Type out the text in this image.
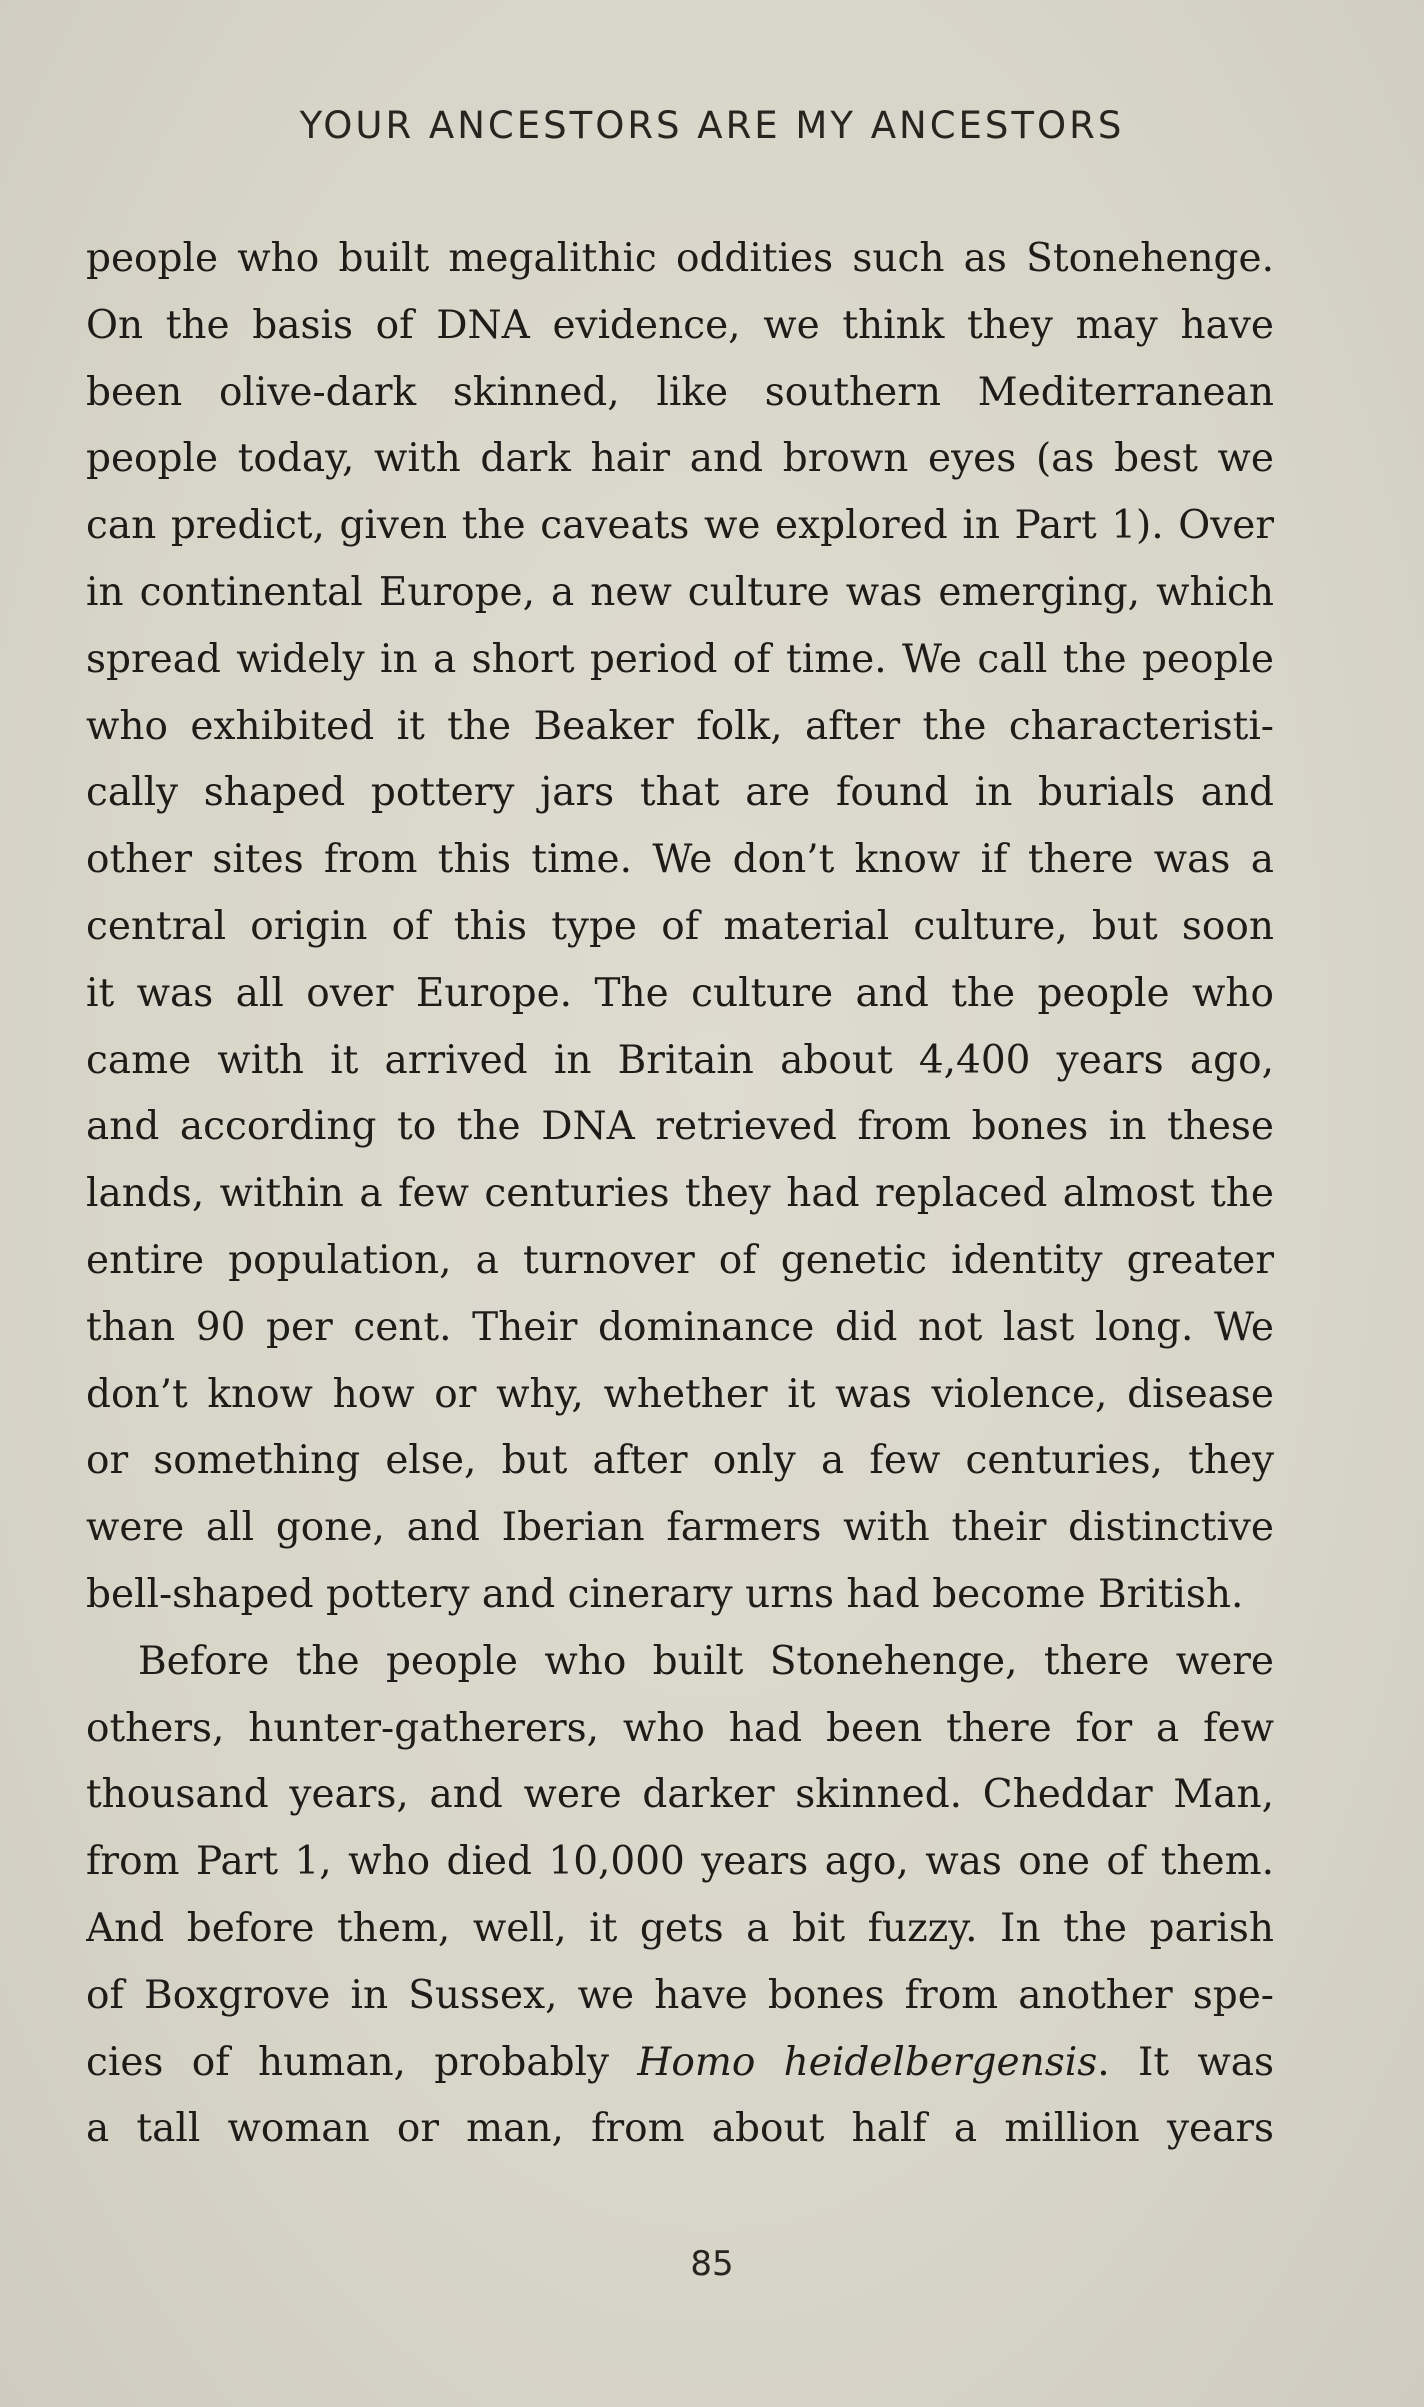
YOUR ANCESTORS ARE MY ANCESTORS
people who built megalithic oddities such as Stonehenge.
On the basis of DNA evidence, we think they may have
been olive-dark skinned, like southern Mediterranean
people today, with dark hair and brown eyes (as best we
can predict, given the caveats we explored in Part 1). Over
in continental Europe, a new culture was emerging, which
spread widely in a short period of time. We call the people
who exhibited it the Beaker folk, after the characteristi-
cally shaped pottery jars that are found in burials and
other sites from this time. We don’t know if there was a
central origin of this type of material culture, but soon
it was all over Europe. The culture and the people who
came with it arrived in Britain about 4,400 years ago,
and according to the DNA retrieved from bones in these
lands, within a few centuries they had replaced almost the
entire population, a turnover of genetic identity greater
than 90 per cent. Their dominance did not last long. We
don’t know how or why, whether it was violence, disease
or something else, but after only a few centuries, they
were all gone, and Iberian farmers with their distinctive
bell-shaped pottery and cinerary urns had become British.
Before the people who built Stonehenge, there were
others, hunter-gatherers, who had been there for a few
thousand years, and were darker skinned. Cheddar Man,
from Part 1, who died 10,000 years ago, was one of them.
And before them, well, it gets a bit fuzzy. In the parish
of Boxgrove in Sussex, we have bones from another spe-
cies of human, probably Homo heidelbergensis. It was
a tall woman or man, from about half a million years
85
